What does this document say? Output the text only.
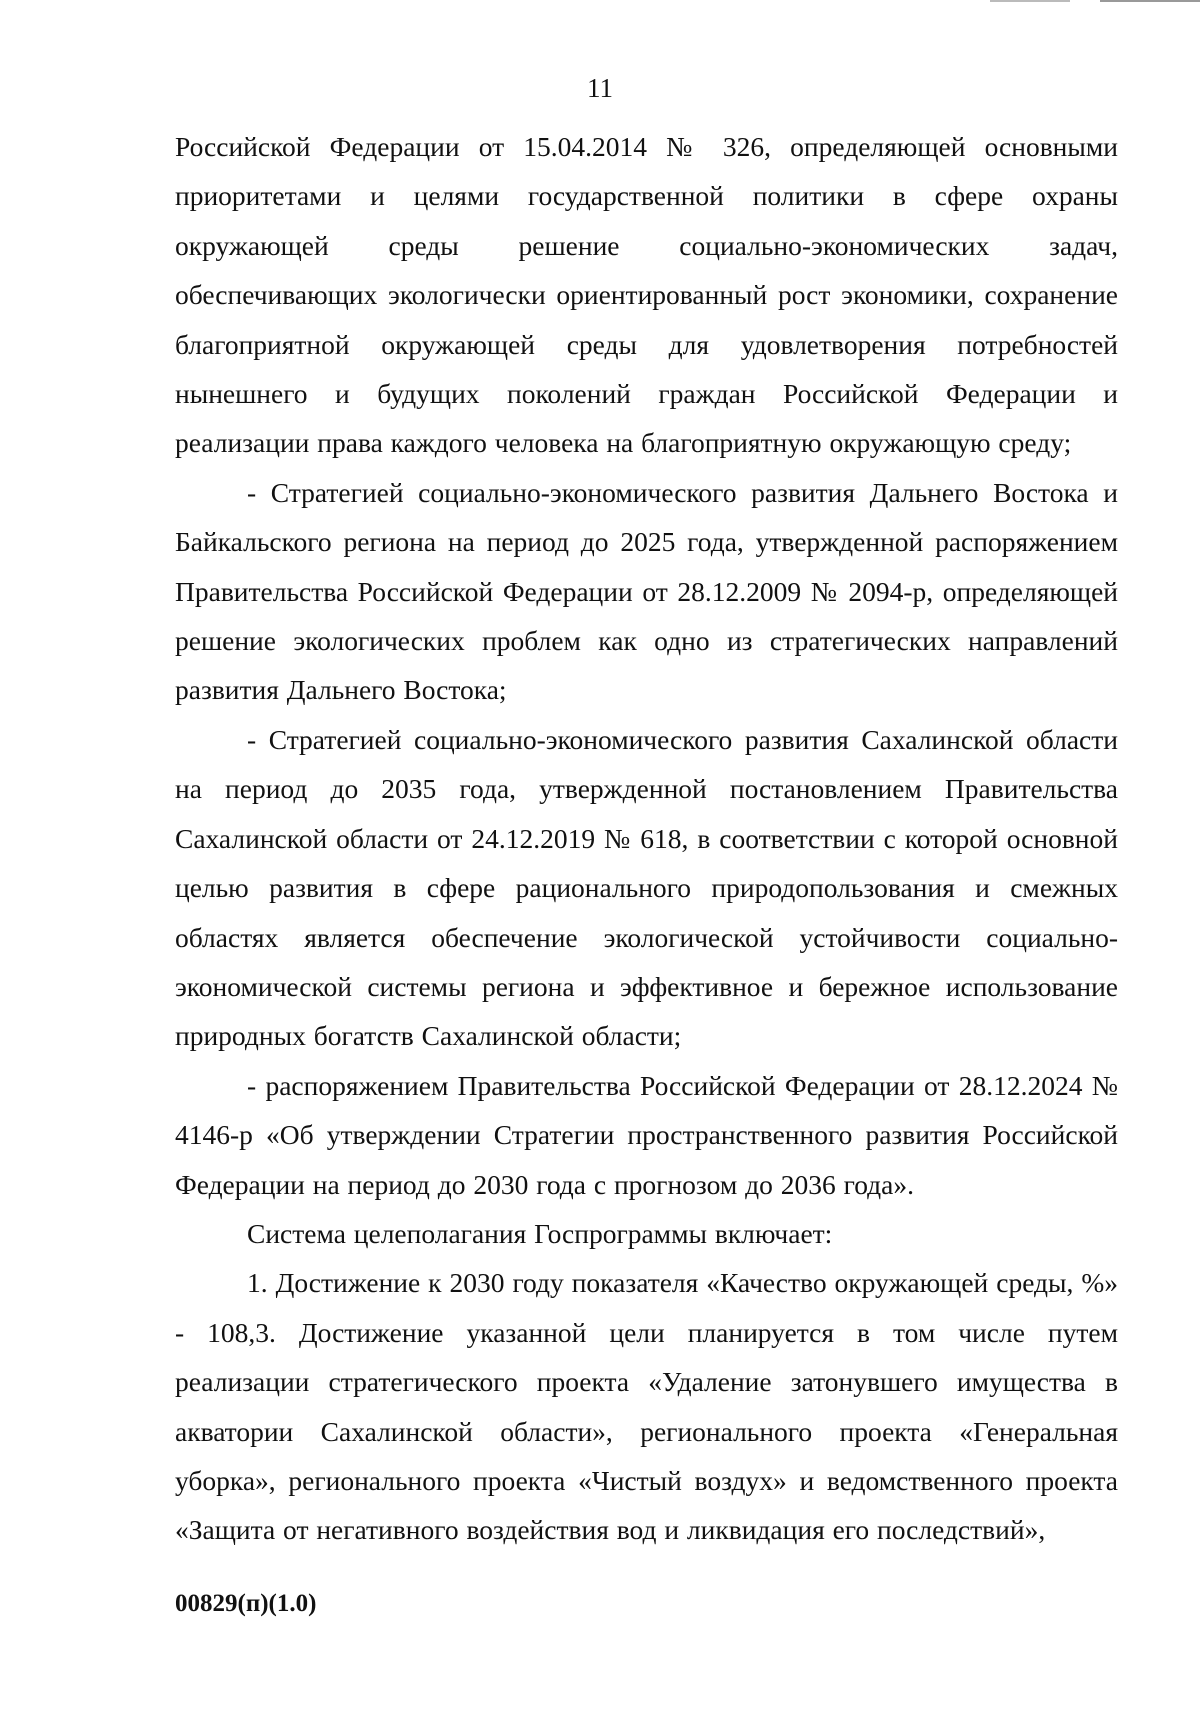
11

Российской Федерации от 15.04.2014 № 326, определяющей основными приоритетами и целями государственной политики в сфере охраны окружающей среды решение социально-экономических задач, обеспечивающих экологически ориентированный рост экономики, сохранение благоприятной окружающей среды для удовлетворения потребностей нынешнего и будущих поколений граждан Российской Федерации и реализации права каждого человека на благоприятную окружающую среду;

- Стратегией социально-экономического развития Дальнего Востока и Байкальского региона на период до 2025 года, утвержденной распоряжением Правительства Российской Федерации от 28.12.2009 № 2094-р, определяющей решение экологических проблем как одно из стратегических направлений развития Дальнего Востока;

- Стратегией социально-экономического развития Сахалинской области на период до 2035 года, утвержденной постановлением Правительства Сахалинской области от 24.12.2019 № 618, в соответствии с которой основной целью развития в сфере рационального природопользования и смежных областях является обеспечение экологической устойчивости социально-экономической системы региона и эффективное и бережное использование природных богатств Сахалинской области;

- распоряжением Правительства Российской Федерации от 28.12.2024 № 4146-р «Об утверждении Стратегии пространственного развития Российской Федерации на период до 2030 года с прогнозом до 2036 года».

Система целеполагания Госпрограммы включает:

1. Достижение к 2030 году показателя «Качество окружающей среды, %» - 108,3. Достижение указанной цели планируется в том числе путем реализации стратегического проекта «Удаление затонувшего имущества в акватории Сахалинской области», регионального проекта «Генеральная уборка», регионального проекта «Чистый воздух» и ведомственного проекта «Защита от негативного воздействия вод и ликвидация его последствий»,

00829(п)(1.0)
